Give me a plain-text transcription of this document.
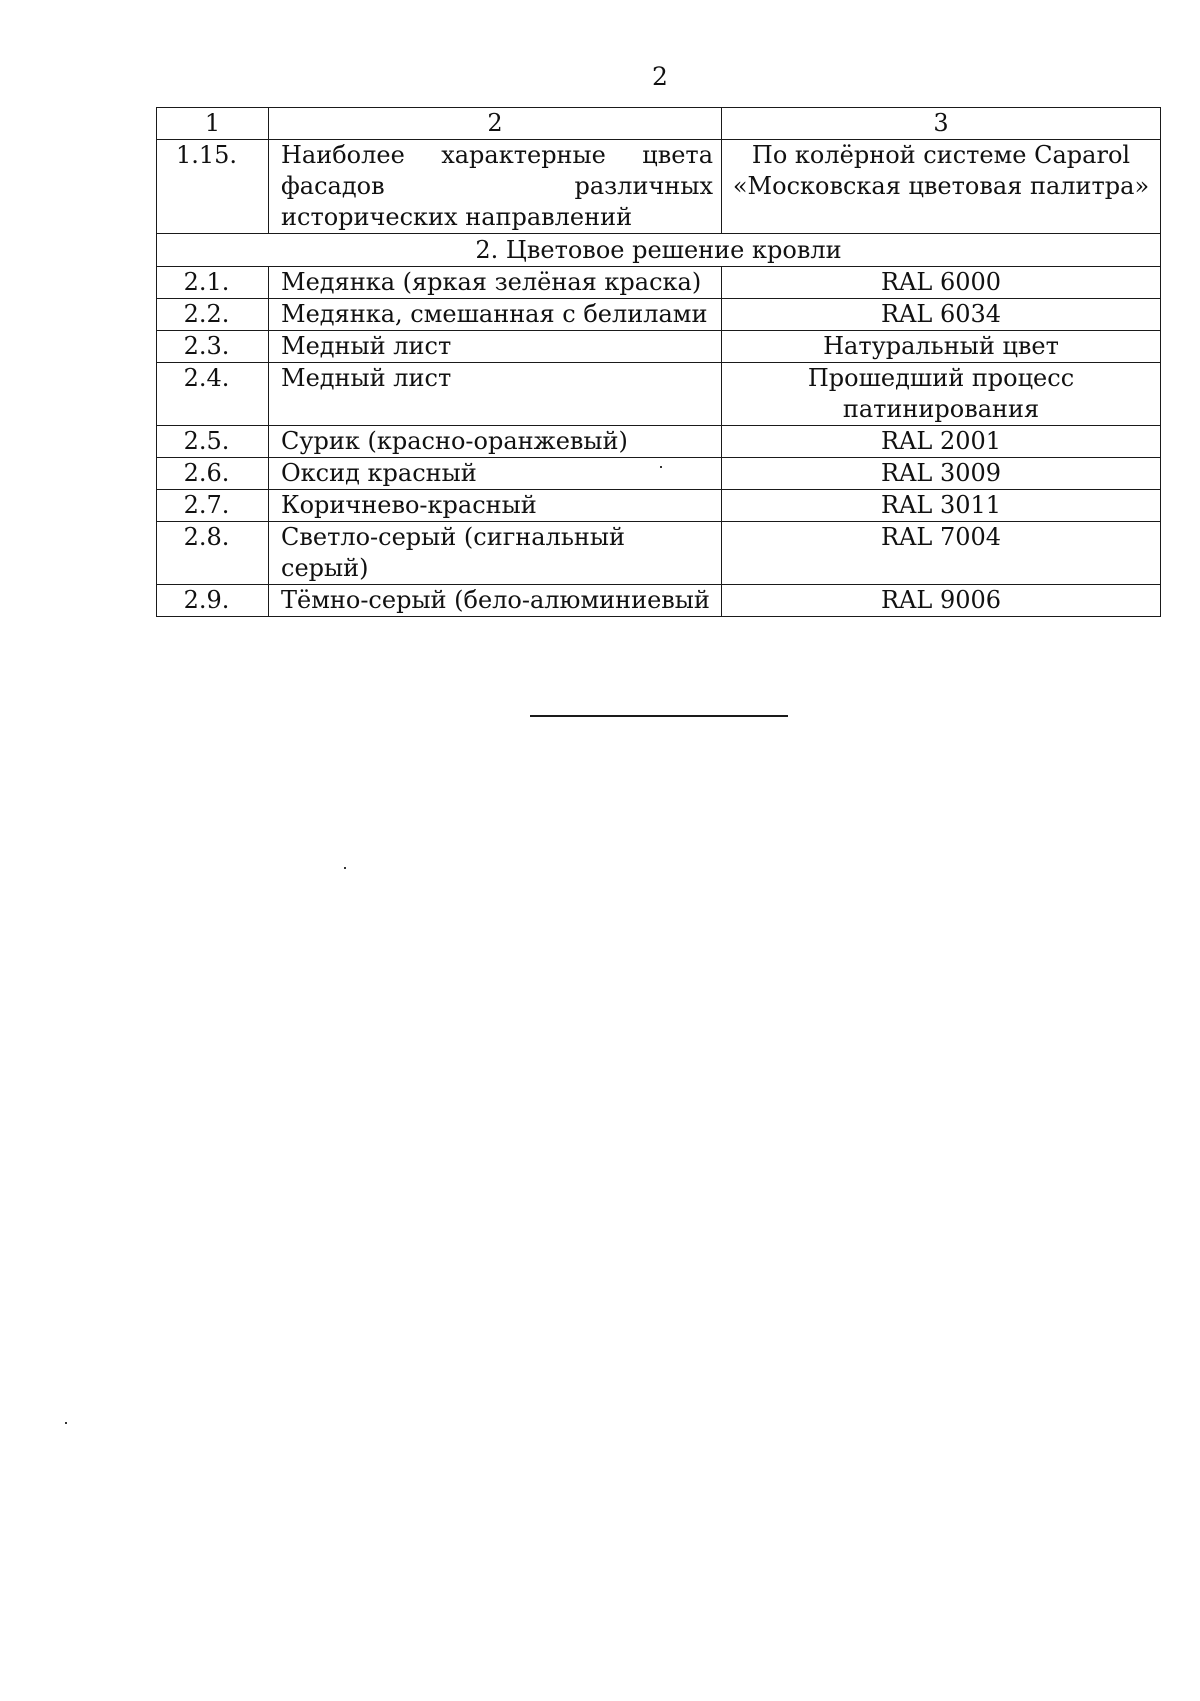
2
1	2	3
1.15.	Наиболее характерные цвета фасадов различных исторических направлений	По колёрной системе Caparol «Московская цветовая палитра»
2. Цветовое решение кровли		
2.1.	Медянка (яркая зелёная краска)	RAL 6000
2.2.	Медянка, смешанная с белилами	RAL 6034
2.3.	Медный лист	Натуральный цвет
2.4.	Медный лист	Прошедший процесс патинирования
2.5.	Сурик (красно-оранжевый)	RAL 2001
2.6.	Оксид красный	RAL 3009
2.7.	Коричнево-красный	RAL 3011
2.8.	Светло-серый (сигнальный серый)	RAL 7004
2.9.	Тёмно-серый (бело-алюминиевый	RAL 9006
